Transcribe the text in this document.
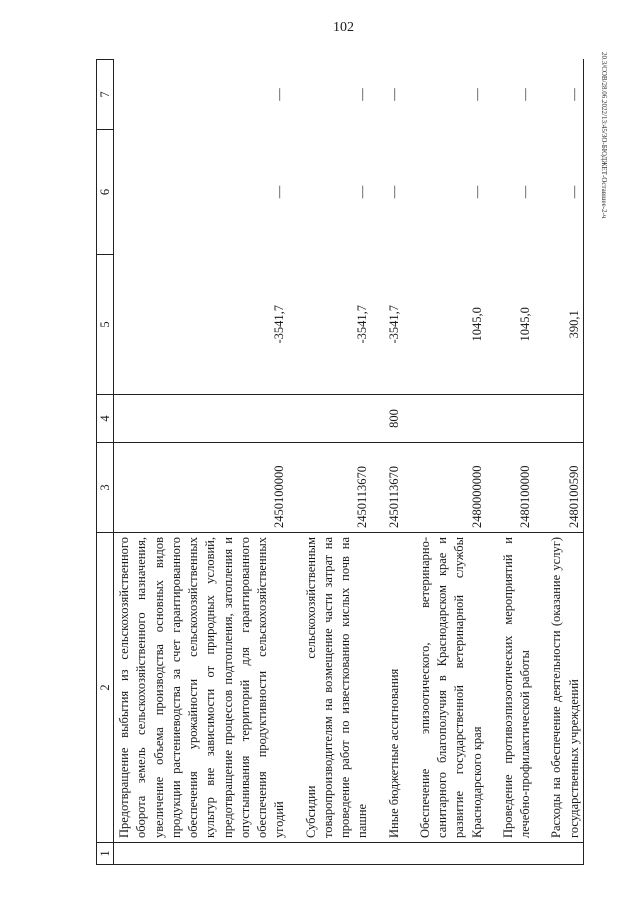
102
20.3/СОВ/28.06.2022/13:45/ЗО-БЮДЖЕТ-Оставшее-2-ч
1	2	3	4	5	6	7
	Предотвращение выбытия из сельскохозяйственного оборота земель сельскохозяйственного назначения, увеличение объема производства основных видов продукции растениеводства за счет гарантированного обеспечения урожайности сельскохозяйственных культур вне зависимости от природных условий, предотвращение процессов подтопления, затопления и опустынивания территорий для гарантированного обеспечения продуктивности сельскохозяйственных угодий	2450100000		-3541,7	—	—
	Субсидии сельскохозяйственным товаропроизводителям на возмещение части затрат на проведение работ по известкованию кислых почв на пашне	2450113670		-3541,7	—	—
	Иные бюджетные ассигнования	2450113670	800	-3541,7	—	—
	Обеспечение эпизоотического, ветеринарно-санитарного благополучия в Краснодарском крае и развитие государственной ветеринарной службы Краснодарского края	2480000000		1045,0	—	—
	Проведение противоэпизоотических мероприятий и лечебно-профилактической работы	2480100000		1045,0	—	—
	Расходы на обеспечение деятельности (оказание услуг) государственных учреждений	2480100590		390,1	—	—
